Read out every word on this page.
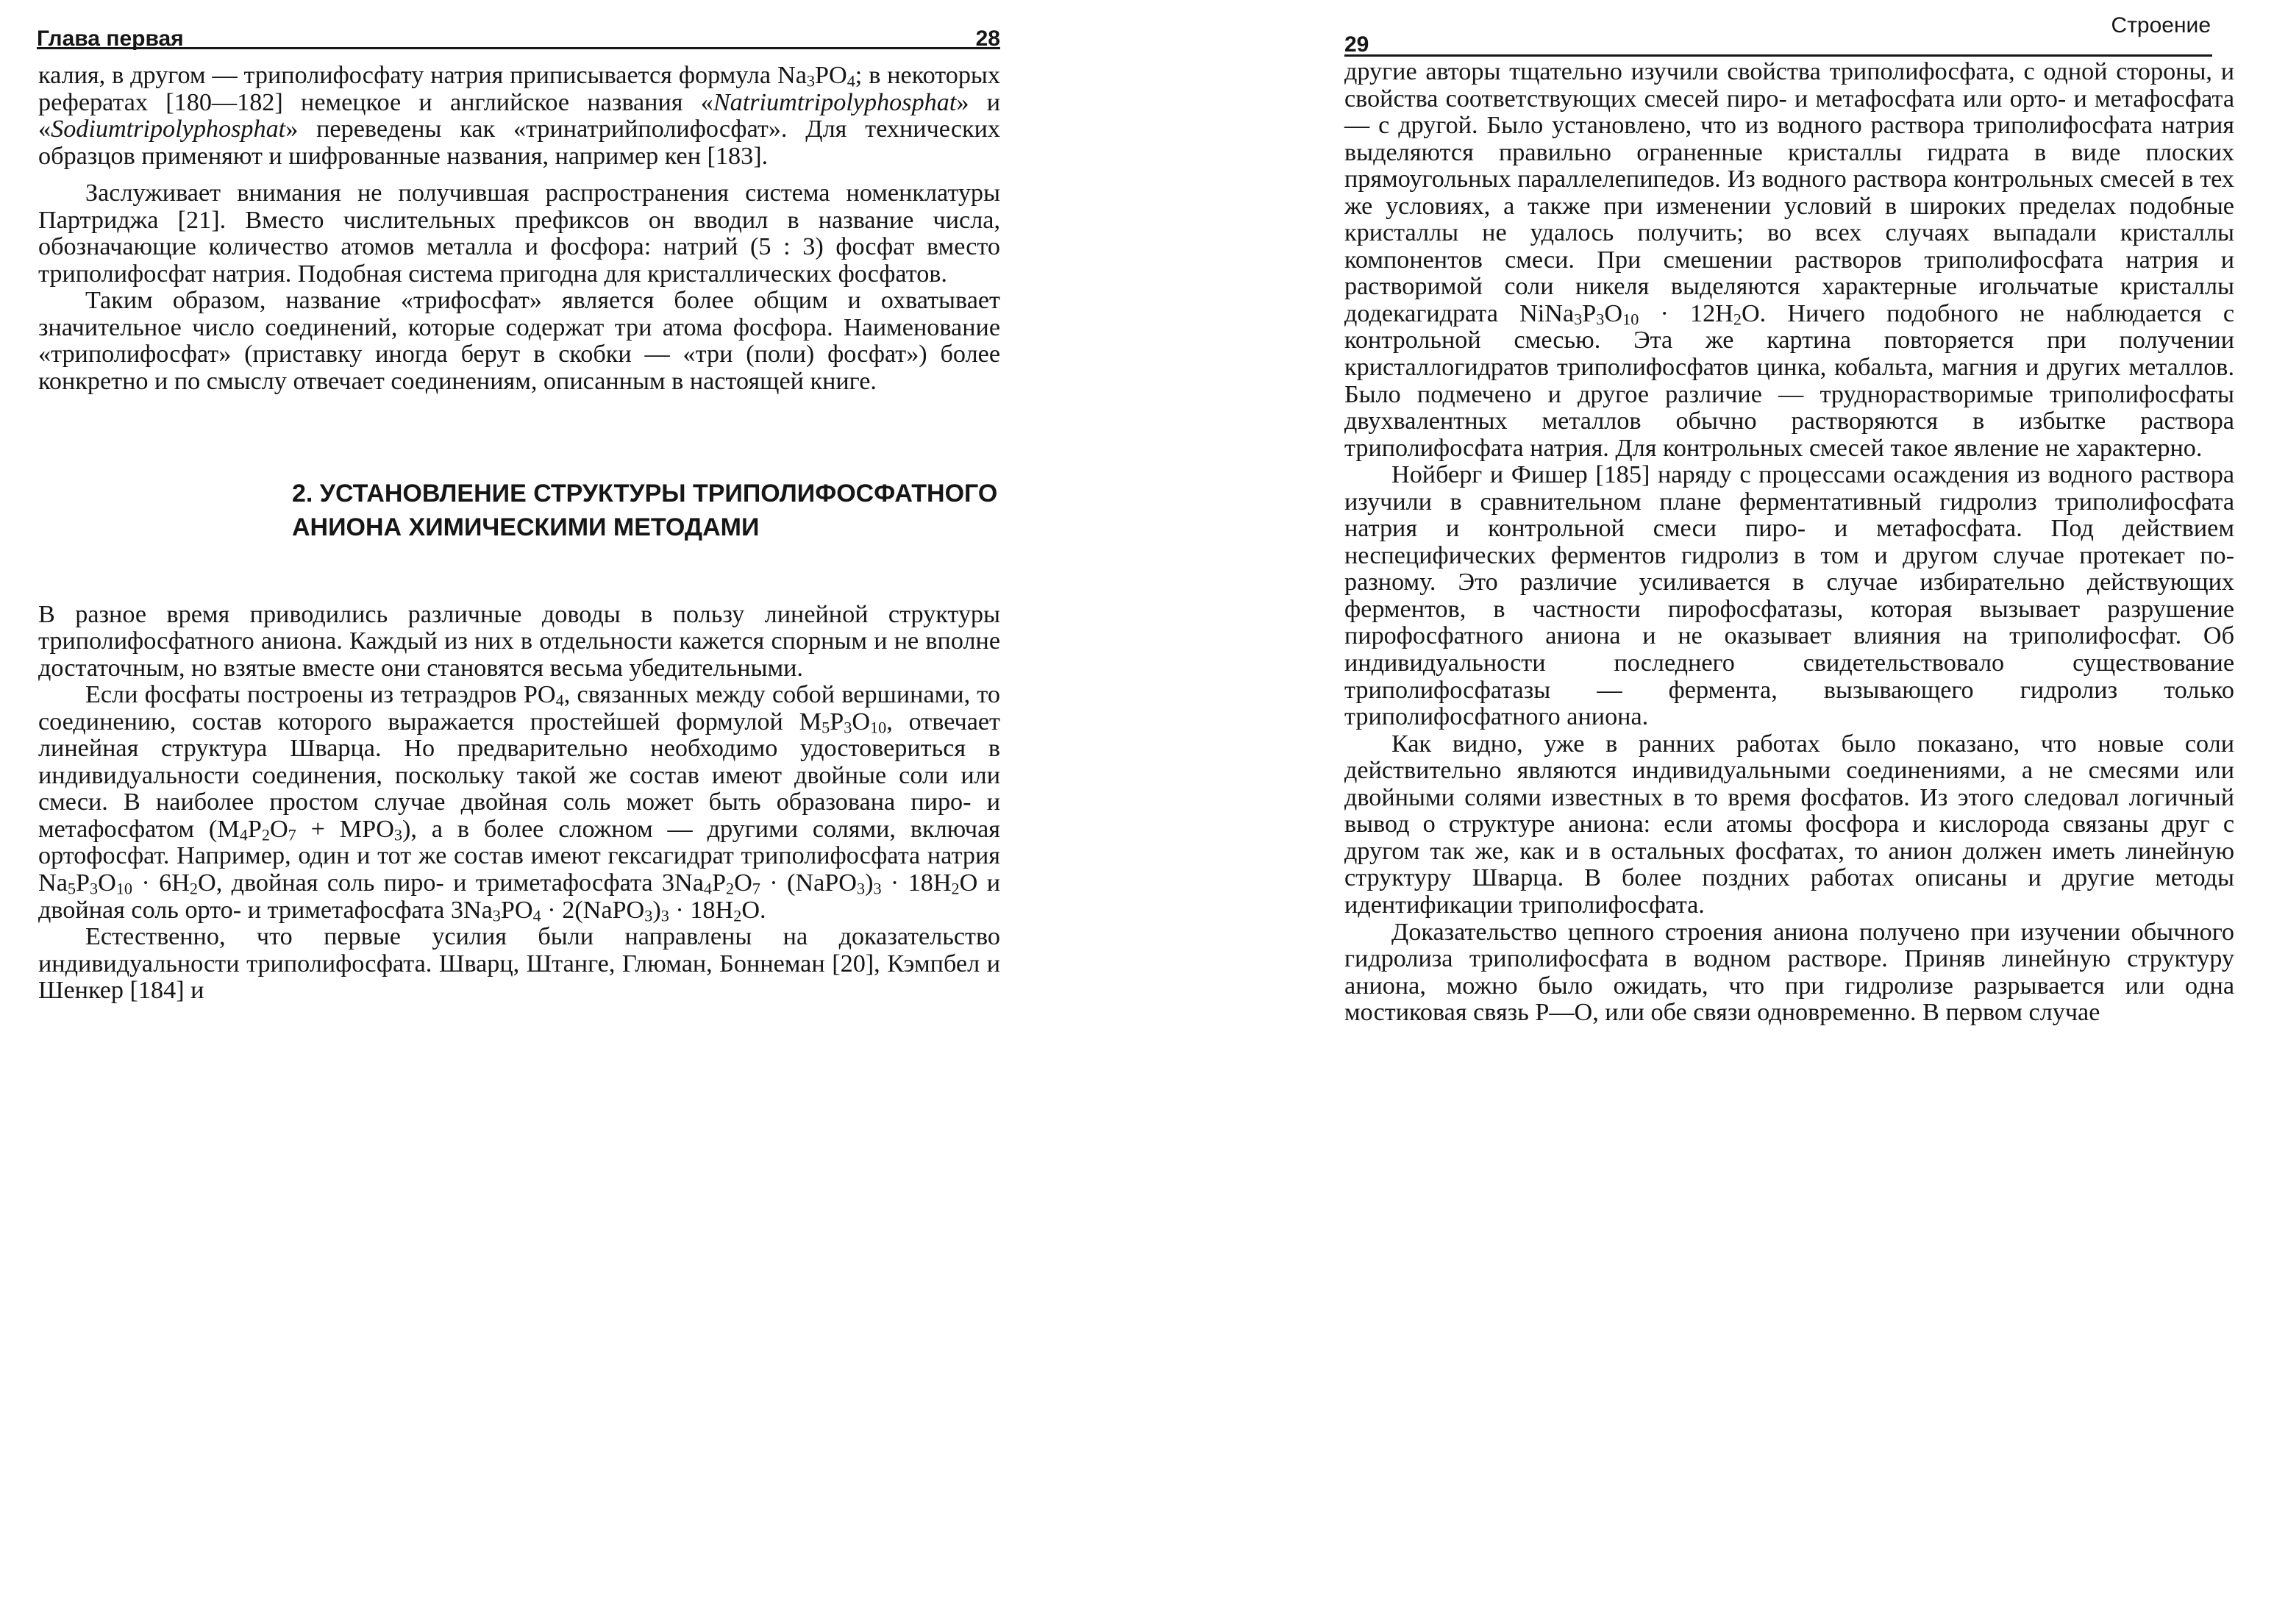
Глава первая	28

калия, в другом — триполифосфату натрия приписывается формула $Na_3PO_4$; в некоторых рефератах [180—182] немецкое и английское названия «Natriumtripolyphosphat» и «Sodiumtripolyphosphat» переведены как «тринатрийполифосфат». Для технических образцов применяют и шифрованные названия, например кен [183].

Заслуживает внимания не получившая распространения система номенклатуры Партриджа [21]. Вместо числительных префиксов он вводил в название числа, обозначающие количество атомов металла и фосфора: натрий (5 : 3) фосфат вместо триполифосфат натрия. Подобная система пригодна для кристаллических фосфатов.

Таким образом, название «трифосфат» является более общим и охватывает значительное число соединений, которые содержат три атома фосфора. Наименование «триполифосфат» (приставку иногда берут в скобки — «три (поли) фосфат») более конкретно и по смыслу отвечает соединениям, описанным в настоящей книге.

2. УСТАНОВЛЕНИЕ СТРУКТУРЫ ТРИПОЛИФОСФАТНОГО
АНИОНА ХИМИЧЕСКИМИ МЕТОДАМИ

В разное время приводились различные доводы в пользу линейной структуры триполифосфатного аниона. Каждый из них в отдельности кажется спорным и не вполне достаточным, но взятые вместе они становятся весьма убедительными.

Если фосфаты построены из тетраэдров $PO_4$, связанных между собой вершинами, то соединению, состав которого выражается простейшей формулой $M_5P_3O_{10}$, отвечает линейная структура Шварца. Но предварительно необходимо удостовериться в индивидуальности соединения, поскольку такой же состав имеют двойные соли или смеси. В наиболее простом случае двойная соль может быть образована пиро- и метафосфатом $(M_4P_2O_7 + MPO_3)$, а в более сложном — другими солями, включая ортофосфат. Например, один и тот же состав имеют гексагидрат триполифосфата натрия $Na_5P_3O_{10} \cdot 6H_2O$, двойная соль пиро- и триметафосфата $3Na_4P_2O_7$ · $(NaPO_3)_3 \cdot 18H_2O$ и двойная соль орто- и триметафосфата $3Na_3PO_4$ · $2(NaPO_3)_3 \cdot 18H_2O$.

Естественно, что первые усилия были направлены на доказательство индивидуальности триполифосфата. Шварц, Штанге, Глюман, Боннеман [20], Кэмпбел и Шенкер [184] и

29
Строение

другие авторы тщательно изучили свойства триполифосфата, с одной стороны, и свойства соответствующих смесей пиро- и метафосфата или орто- и метафосфата — с другой. Было установлено, что из водного раствора триполифосфата натрия выделяются правильно ограненные кристаллы гидрата в виде плоских прямоугольных параллелепипедов. Из водного раствора контрольных смесей в тех же условиях, а также при изменении условий в широких пределах подобные кристаллы не удалось получить; во всех случаях выпадали кристаллы компонентов смеси. При смешении растворов триполифосфата натрия и растворимой соли никеля выделяются характерные игольчатые кристаллы додекагидрата $NiNa_3P_3O_{10} \cdot 12H_2O$. Ничего подобного не наблюдается с контрольной смесью. Эта же картина повторяется при получении кристаллогидратов триполифосфатов цинка, кобальта, магния и других металлов. Было подмечено и другое различие — труднорастворимые триполифосфаты двухвалентных металлов обычно растворяются в избытке раствора триполифосфата натрия. Для контрольных смесей такое явление не характерно.

Нойберг и Фишер [185] наряду с процессами осаждения из водного раствора изучили в сравнительном плане ферментативный гидролиз триполифосфата натрия и контрольной смеси пиро- и метафосфата. Под действием неспецифических ферментов гидролиз в том и другом случае протекает по-разному. Это различие усиливается в случае избирательно действующих ферментов, в частности пирофосфатазы, которая вызывает разрушение пирофосфатного аниона и не оказывает влияния на триполифосфат. Об индивидуальности последнего свидетельствовало существование триполифосфатазы — фермента, вызывающего гидролиз только триполифосфатного аниона.

Как видно, уже в ранних работах было показано, что новые соли действительно являются индивидуальными соединениями, а не смесями или двойными солями известных в то время фосфатов. Из этого следовал логичный вывод о структуре аниона: если атомы фосфора и кислорода связаны друг с другом так же, как и в остальных фосфатах, то анион должен иметь линейную структуру Шварца. В более поздних работах описаны и другие методы идентификации триполифосфата.

Доказательство цепного строения аниона получено при изучении обычного гидролиза триполифосфата в водном растворе. Приняв линейную структуру аниона, можно было ожидать, что при гидролизе разрывается или одна мостиковая связь P—O, или обе связи одновременно. В первом случае
